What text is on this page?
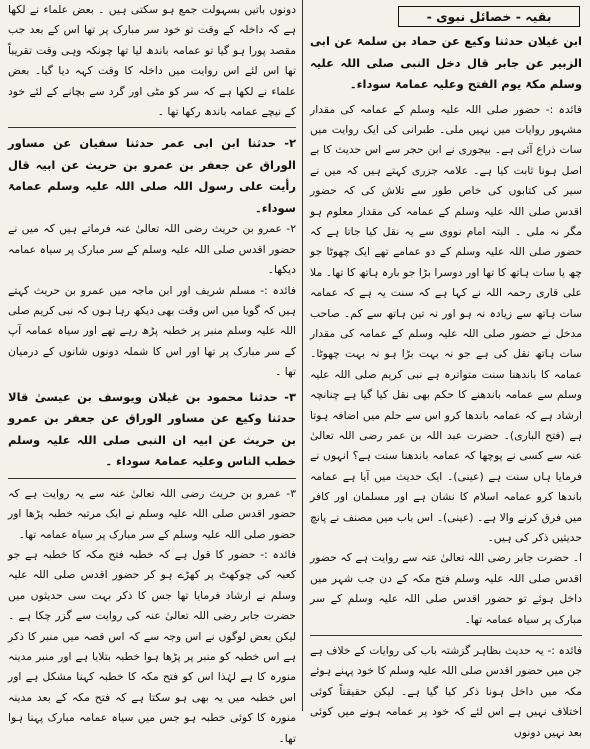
بقیہ - خصائل نبوی -

ابن غیلان حدثنا وکیع عن حماد بن سلمۃ عن ابی الزبیر عن جابر قال دخل النبی صلی اللہ علیہ وسلم مکۃ یوم الفتح وعلیہ عمامۃ سوداء۔

فائدہ :- حضور صلی اللہ علیہ وسلم کے عمامہ کی مقدار مشہور روایات میں نہیں ملی۔ طبرانی کی ایک روایت میں سات ذراع آئی ہے۔ بیجوری نے ابن حجر سے اس حدیث کا بے اصل ہونا ثابت کیا ہے۔ علامہ جزری کہتے ہیں کہ میں نے سیر کی کتابوں کی خاص طور سے تلاش کی کہ حضور اقدس صلی اللہ علیہ وسلم کے عمامہ کی مقدار معلوم ہو مگر نہ ملی ۔ البتہ امام نووی سے یہ نقل کیا جاتا ہے کہ حضور صلی اللہ علیہ وسلم کے دو عمامے تھے ایک چھوٹا جو چھ یا سات ہاتھ کا تھا اور دوسرا بڑا جو بارہ ہاتھ کا تھا۔ ملا علی قاری رحمہ اللہ نے کہا ہے کہ سنت یہ ہے کہ عمامہ سات ہاتھ سے زیادہ نہ ہو اور نہ تین ہاتھ سے کم۔ صاحب مدخل نے حضور صلی اللہ علیہ وسلم کے عمامہ کی مقدار سات ہاتھ نقل کی ہے جو نہ بہت بڑا ہو نہ بہت چھوٹا۔ عمامہ کا باندھنا سنت متواترہ ہے نبی کریم صلی اللہ علیہ وسلم سے عمامہ باندھنے کا حکم بھی نقل کیا گیا ہے چنانچہ ارشاد ہے کہ عمامہ باندھا کرو اس سے حلم میں اضافہ ہوتا ہے (فتح الباری)۔ حضرت عبد اللہ بن عمر رضی اللہ تعالیٰ عنہ سے کسی نے پوچھا کہ عمامہ باندھنا سنت ہے؟ انہوں نے فرمایا ہاں سنت ہے (عینی)۔ ایک حدیث میں آیا ہے عمامہ باندھا کرو عمامہ اسلام کا نشان ہے اور مسلمان اور کافر میں فرق کرنے والا ہے۔ (عینی)۔ اس باب میں مصنف نے پانچ حدیثیں ذکر کی ہیں۔

ا۔ حضرت جابر رضی اللہ تعالیٰ عنہ سے روایت ہے کہ حضور اقدس صلی اللہ علیہ وسلم فتح مکہ کے دن جب شہر میں داخل ہوئے تو حضور اقدس صلی اللہ علیہ وسلم کے سر مبارک پر سیاہ عمامہ تھا۔

فائدہ :- یہ حدیث بظاہر گزشتہ باب کی روایات کے خلاف ہے جن میں حضور اقدس صلی اللہ علیہ وسلم کا خود پہنے ہوئے مکہ میں داخل ہونا ذکر کیا گیا ہے۔ لیکن حقیقتاً کوئی اختلاف نہیں ہے اس لئے کہ خود پر عمامہ ہونے میں کوئی بعد نہیں دونوں

دونوں باتیں بسہولت جمع ہو سکتی ہیں ۔ بعض علماء نے لکھا ہے کہ داخلہ کے وقت تو خود سر مبارک پر تھا اس کے بعد جب مقصد پورا ہو گیا تو عمامہ باندھ لیا تھا چونکہ وہی وقت تقریباً تھا اس لئے اس روایت میں داخلہ کا وقت کہہ دیا گیا۔ بعض علماء نے لکھا ہے کہ سر کو مٹی اور گرد سے بچانے کے لئے خود کے نیچے عمامہ باندھ رکھا تھا ۔

۲- حدثنا ابن ابی عمر حدثنا سفیان عن مساور الوراق عن جعفر بن عمرو بن حریث عن ابیہ قال رأیت علی رسول اللہ صلی اللہ علیہ وسلم عمامۃ سوداء۔

۲- عمرو بن حریث رضی اللہ تعالیٰ عنہ فرماتے ہیں کہ میں نے حضور اقدس صلی اللہ علیہ وسلم کے سر مبارک پر سیاہ عمامہ دیکھا۔

فائدہ :- مسلم شریف اور ابن ماجہ میں عمرو بن حریث کہتے ہیں کہ گویا میں اس وقت بھی دیکھ رہا ہوں کہ نبی کریم صلی اللہ علیہ وسلم منبر پر خطبہ پڑھ رہے تھے اور سیاہ عمامہ آپ کے سر مبارک پر تھا اور اس کا شملہ دونوں شانوں کے درمیان تھا ۔

۳- حدثنا محمود بن غیلان ویوسف بن عیسیٰ قالا حدثنا وکیع عن مساور الوراق عن جعفر بن عمرو بن حریث عن ابیہ ان النبی صلی اللہ علیہ وسلم خطب الناس وعلیہ عمامۃ سوداء ۔

۳- عمرو بن حریث رضی اللہ تعالیٰ عنہ سے یہ روایت ہے کہ حضور اقدس صلی اللہ علیہ وسلم نے ایک مرتبہ خطبہ پڑھا اور حضور صلی اللہ علیہ وسلم کے سر مبارک پر سیاہ عمامہ تھا۔

فائدہ :- حضور کا قول ہے کہ خطبہ فتح مکہ کا خطبہ ہے جو کعبہ کی چوکھٹ پر کھڑے ہو کر حضور اقدس صلی اللہ علیہ وسلم نے ارشاد فرمایا تھا جس کا ذکر بہت سی حدیثوں میں حضرت جابر رضی اللہ تعالیٰ عنہ کی روایت سے گزر چکا ہے ۔ لیکن بعض لوگوں نے اس وجہ سے کہ اس قصہ میں منبر کا ذکر ہے اس خطبہ کو منبر پر پڑھا ہوا خطبہ بتلایا ہے اور منبر مدینہ منورہ کا ہے لہٰذا اس کو فتح مکہ کا خطبہ کہنا مشکل ہے اور اس خطبہ میں یہ بھی ہو سکتا ہے کہ فتح مکہ کے بعد مدینہ منورہ کا کوئی خطبہ ہو جس میں سیاہ عمامہ مبارک پہنا ہوا تھا۔
